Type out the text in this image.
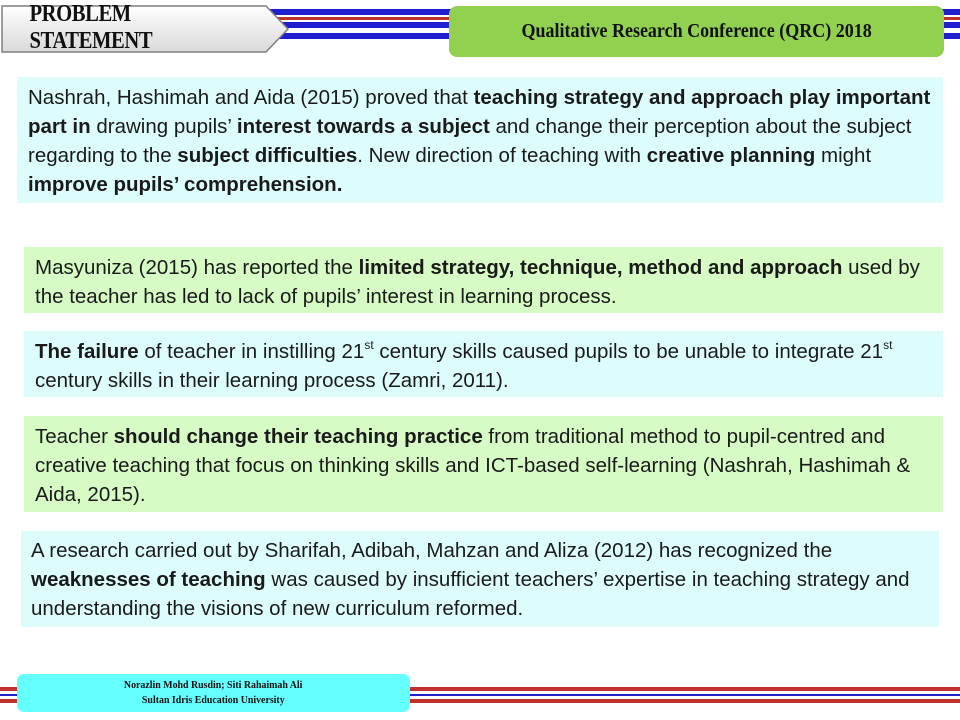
PROBLEM STATEMENT	Qualitative Research Conference (QRC) 2018
Nashrah, Hashimah and Aida (2015) proved that teaching strategy and approach play important part in drawing pupils’ interest towards a subject and change their perception about the subject regarding to the subject difficulties. New direction of teaching with creative planning might improve pupils’ comprehension.
Masyuniza (2015) has reported the limited strategy, technique, method and approach used by the teacher has led to lack of pupils’ interest in learning process.
The failure of teacher in instilling 21st century skills caused pupils to be unable to integrate 21st century skills in their learning process (Zamri, 2011).
Teacher should change their teaching practice from traditional method to pupil-centred and creative teaching that focus on thinking skills and ICT-based self-learning (Nashrah, Hashimah & Aida, 2015).
A research carried out by Sharifah, Adibah, Mahzan and Aliza (2012) has recognized the weaknesses of teaching was caused by insufficient teachers’ expertise in teaching strategy and understanding the visions of new curriculum reformed.
Norazlin Mohd Rusdin; Siti Rahaimah Ali
Sultan Idris Education University
